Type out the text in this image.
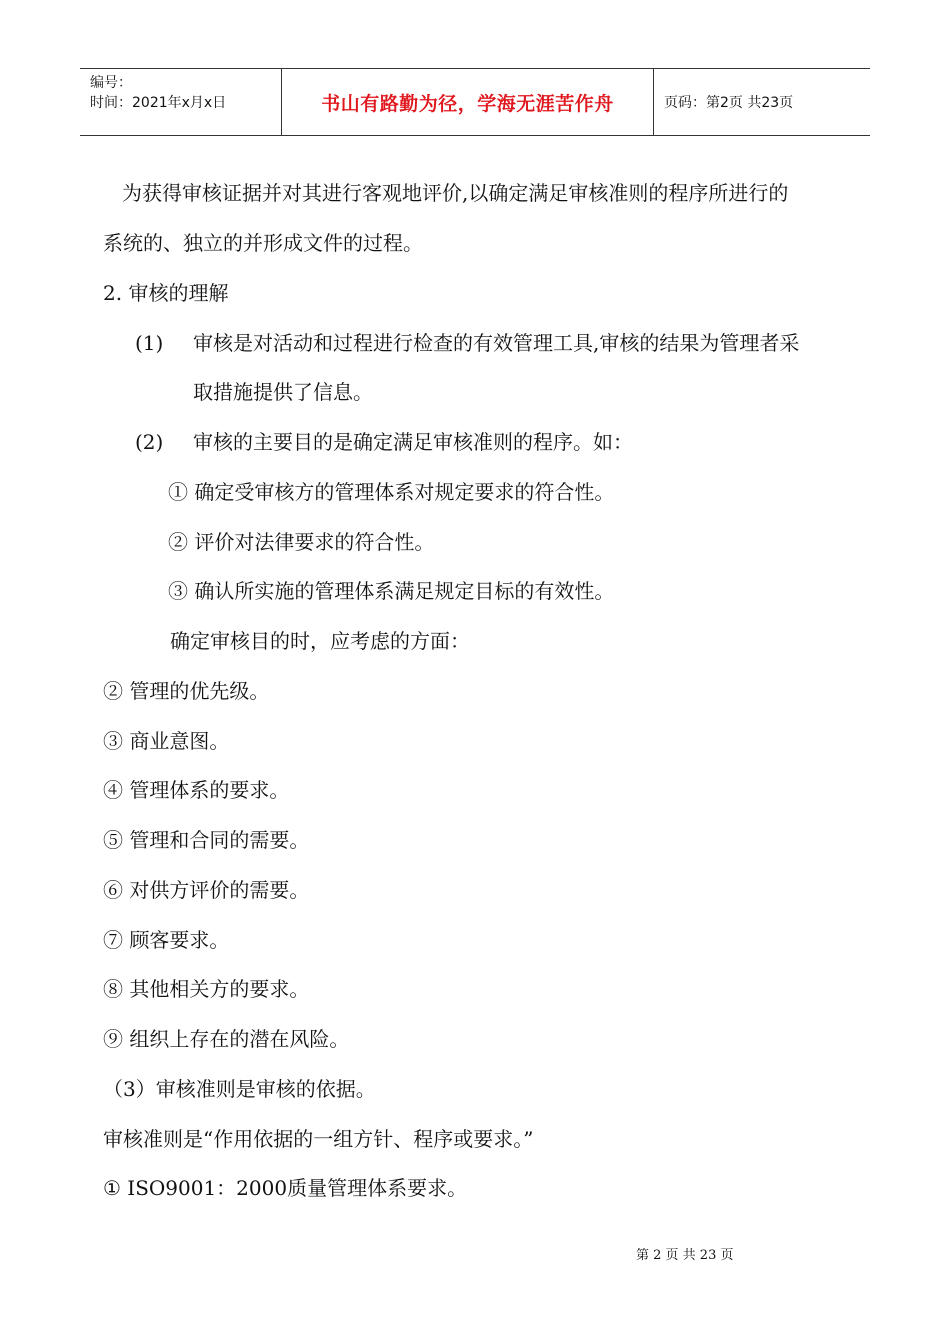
编号：
时间：2021年x月x日	书山有路勤为径，学海无涯苦作舟	页码：第2页 共23页
为获得审核证据并对其进行客观地评价,以确定满足审核准则的程序所进行的
系统的、独立的并形成文件的过程。
2. 审核的理解
(1) 审核是对活动和过程进行检查的有效管理工具,审核的结果为管理者采
取措施提供了信息。
(2) 审核的主要目的是确定满足审核准则的程序。如：
① 确定受审核方的管理体系对规定要求的符合性。
② 评价对法律要求的符合性。
③ 确认所实施的管理体系满足规定目标的有效性。
确定审核目的时，应考虑的方面：
② 管理的优先级。
③ 商业意图。
④ 管理体系的要求。
⑤ 管理和合同的需要。
⑥ 对供方评价的需要。
⑦ 顾客要求。
⑧ 其他相关方的要求。
⑨ 组织上存在的潜在风险。
（3）审核准则是审核的依据。
审核准则是“作用依据的一组方针、程序或要求。”
① ISO9001：2000质量管理体系要求。
第 2 页 共 23 页
